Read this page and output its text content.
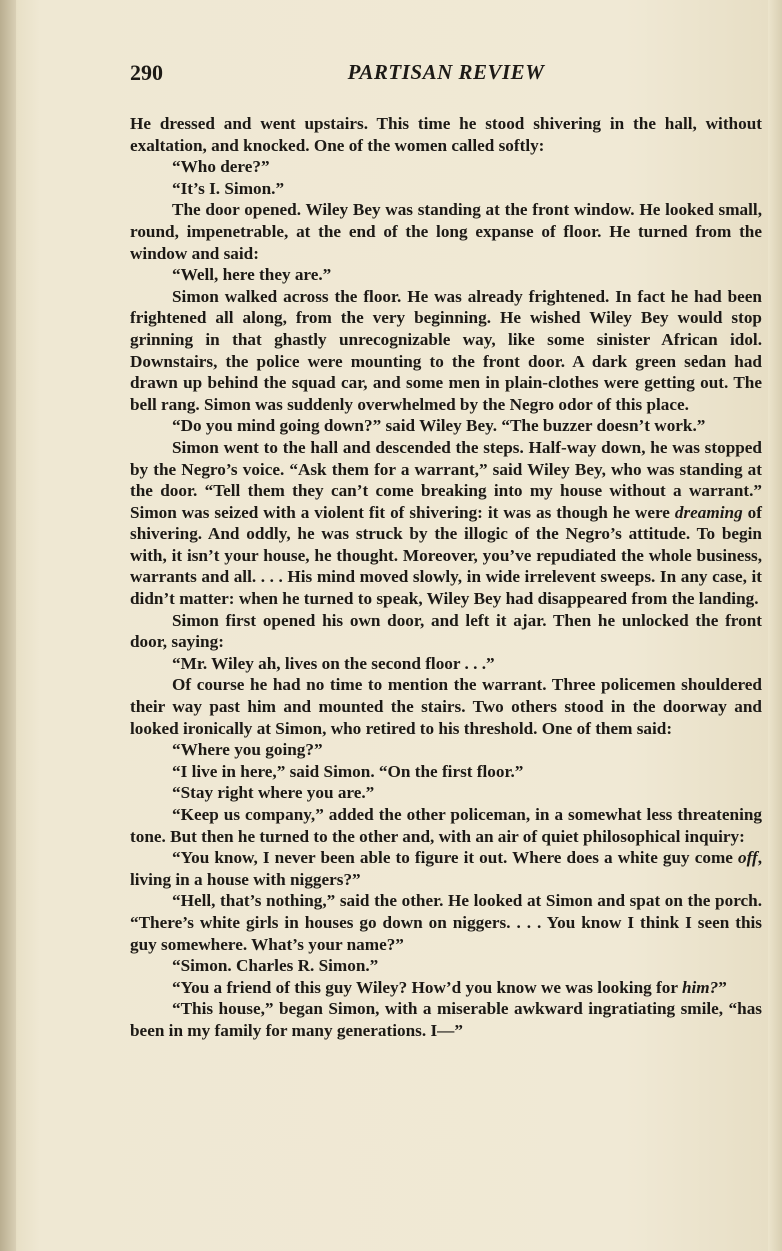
290	PARTISAN REVIEW

He dressed and went upstairs. This time he stood shivering in the hall, without exaltation, and knocked. One of the women called softly:

“Who dere?”

“It’s I. Simon.”

The door opened. Wiley Bey was standing at the front window. He looked small, round, impenetrable, at the end of the long expanse of floor. He turned from the window and said:

“Well, here they are.”

Simon walked across the floor. He was already frightened. In fact he had been frightened all along, from the very beginning. He wished Wiley Bey would stop grinning in that ghastly unrecognizable way, like some sinister African idol. Downstairs, the police were mounting to the front door. A dark green sedan had drawn up behind the squad car, and some men in plain-clothes were getting out. The bell rang. Simon was suddenly overwhelmed by the Negro odor of this place.

“Do you mind going down?” said Wiley Bey. “The buzzer doesn’t work.”

Simon went to the hall and descended the steps. Half-way down, he was stopped by the Negro’s voice. “Ask them for a warrant,” said Wiley Bey, who was standing at the door. “Tell them they can’t come breaking into my house without a warrant.” Simon was seized with a violent fit of shivering: it was as though he were dreaming of shivering. And oddly, he was struck by the illogic of the Negro’s attitude. To begin with, it isn’t your house, he thought. Moreover, you’ve repudiated the whole business, warrants and all. . . . His mind moved slowly, in wide irrelevent sweeps. In any case, it didn’t matter: when he turned to speak, Wiley Bey had disappeared from the landing.

Simon first opened his own door, and left it ajar. Then he unlocked the front door, saying:

“Mr. Wiley ah, lives on the second floor . . .”

Of course he had no time to mention the warrant. Three policemen shouldered their way past him and mounted the stairs. Two others stood in the doorway and looked ironically at Simon, who retired to his threshold. One of them said:

“Where you going?”

“I live in here,” said Simon. “On the first floor.”

“Stay right where you are.”

“Keep us company,” added the other policeman, in a somewhat less threatening tone. But then he turned to the other and, with an air of quiet philosophical inquiry:

“You know, I never been able to figure it out. Where does a white guy come off, living in a house with niggers?”

“Hell, that’s nothing,” said the other. He looked at Simon and spat on the porch. “There’s white girls in houses go down on niggers. . . . You know I think I seen this guy somewhere. What’s your name?”

“Simon. Charles R. Simon.”

“You a friend of this guy Wiley? How’d you know we was looking for him?”

“This house,” began Simon, with a miserable awkward ingratiating smile, “has been in my family for many generations. I—”
